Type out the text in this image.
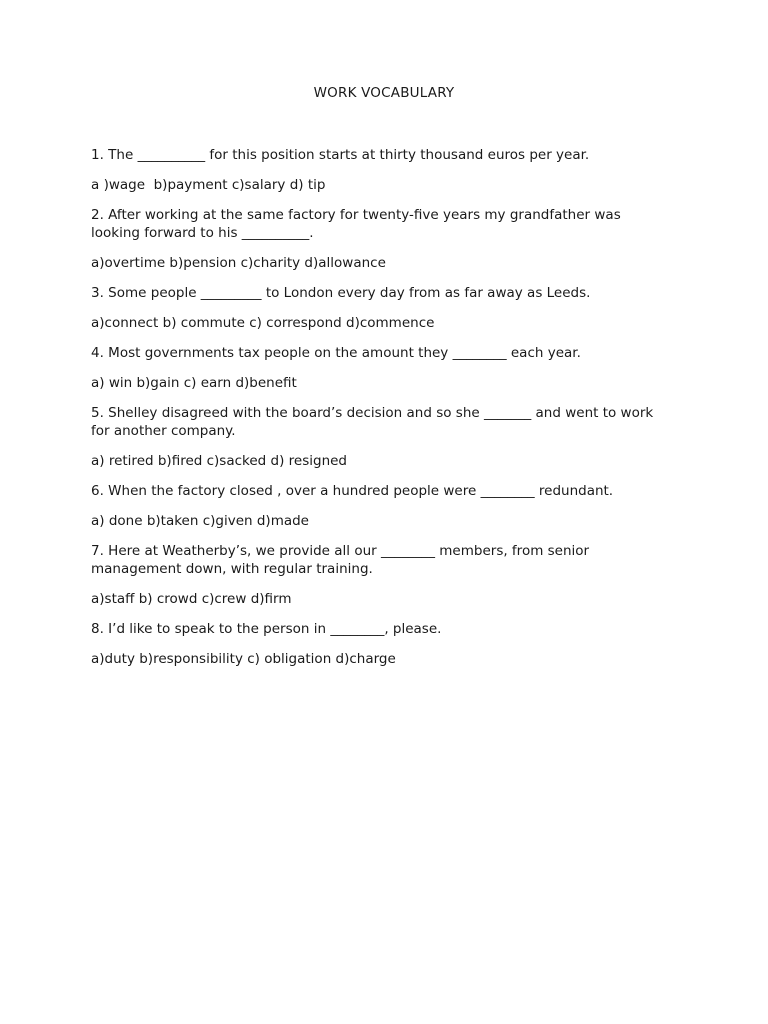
WORK VOCABULARY

1. The __________ for this position starts at thirty thousand euros per year.

a )wage  b)payment c)salary d) tip

2. After working at the same factory for twenty-five years my grandfather was looking forward to his __________.

a)overtime b)pension c)charity d)allowance

3. Some people _________ to London every day from as far away as Leeds.

a)connect b) commute c) correspond d)commence

4. Most governments tax people on the amount they ________ each year.

a) win b)gain c) earn d)benefit

5. Shelley disagreed with the board’s decision and so she _______ and went to work for another company.

a) retired b)fired c)sacked d) resigned

6. When the factory closed , over a hundred people were ________ redundant.

a) done b)taken c)given d)made

7. Here at Weatherby’s, we provide all our ________ members, from senior management down, with regular training.

a)staff b) crowd c)crew d)firm

8. I’d like to speak to the person in ________, please.

a)duty b)responsibility c) obligation d)charge
